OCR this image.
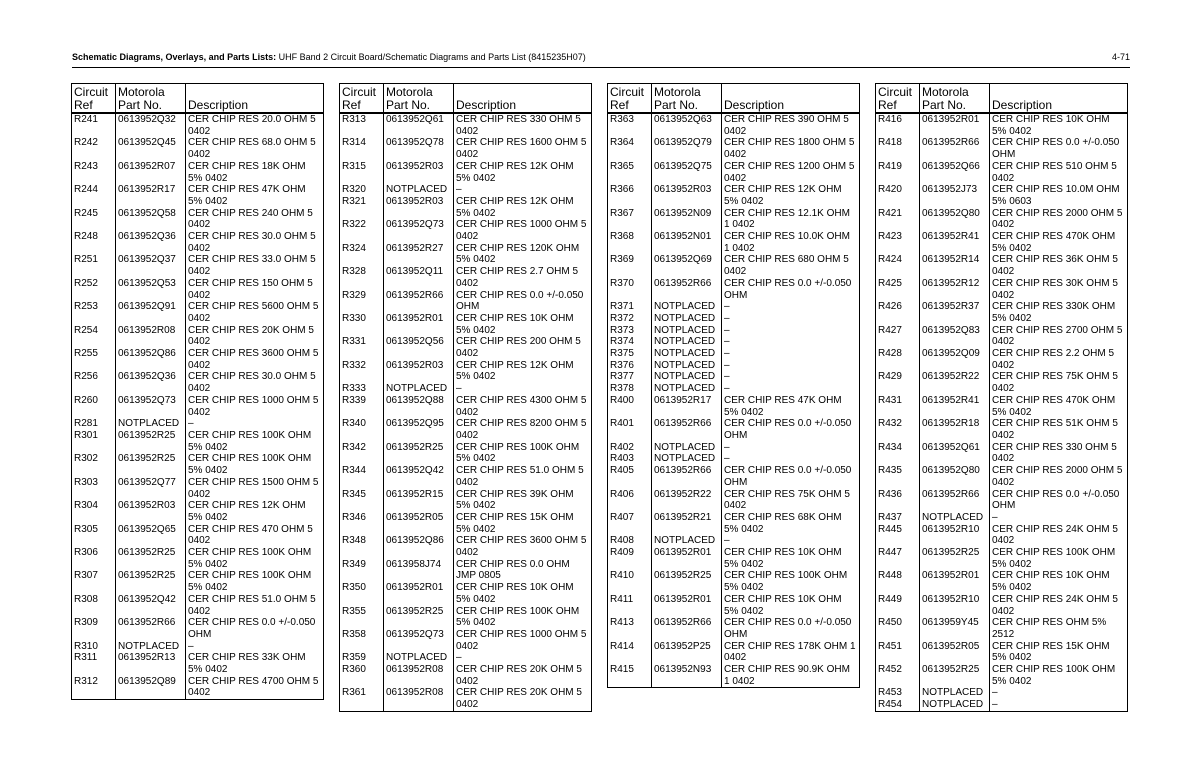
Schematic Diagrams, Overlays, and Parts Lists: UHF Band 2 Circuit Board/Schematic Diagrams and Parts List (8415235H07)	4-71
Circuit
Ref	Motorola
Part No.	Description
R241	0613952Q32	CER CHIP RES 20.0 OHM 5 0402
R242	0613952Q45	CER CHIP RES 68.0 OHM 5 0402
R243	0613952R07	CER CHIP RES 18K OHM 5% 0402
R244	0613952R17	CER CHIP RES 47K OHM 5% 0402
R245	0613952Q58	CER CHIP RES 240 OHM 5 0402
R248	0613952Q36	CER CHIP RES 30.0 OHM 5 0402
R251	0613952Q37	CER CHIP RES 33.0 OHM 5 0402
R252	0613952Q53	CER CHIP RES 150 OHM 5 0402
R253	0613952Q91	CER CHIP RES 5600 OHM 5 0402
R254	0613952R08	CER CHIP RES 20K OHM 5 0402
R255	0613952Q86	CER CHIP RES 3600 OHM 5 0402
R256	0613952Q36	CER CHIP RES 30.0 OHM 5 0402
R260	0613952Q73	CER CHIP RES 1000 OHM 5 0402
R281	NOTPLACED	–
R301	0613952R25	CER CHIP RES 100K OHM 5% 0402
R302	0613952R25	CER CHIP RES 100K OHM 5% 0402
R303	0613952Q77	CER CHIP RES 1500 OHM 5 0402
R304	0613952R03	CER CHIP RES 12K OHM 5% 0402
R305	0613952Q65	CER CHIP RES 470 OHM 5 0402
R306	0613952R25	CER CHIP RES 100K OHM 5% 0402
R307	0613952R25	CER CHIP RES 100K OHM 5% 0402
R308	0613952Q42	CER CHIP RES 51.0 OHM 5 0402
R309	0613952R66	CER CHIP RES 0.0 +/-0.050 OHM
R310	NOTPLACED	–
R311	0613952R13	CER CHIP RES 33K OHM 5% 0402
R312	0613952Q89	CER CHIP RES 4700 OHM 5 0402
Circuit
Ref	Motorola
Part No.	Description
R313	0613952Q61	CER CHIP RES 330 OHM 5 0402
R314	0613952Q78	CER CHIP RES 1600 OHM 5 0402
R315	0613952R03	CER CHIP RES 12K OHM 5% 0402
R320	NOTPLACED	–
R321	0613952R03	CER CHIP RES 12K OHM 5% 0402
R322	0613952Q73	CER CHIP RES 1000 OHM 5 0402
R324	0613952R27	CER CHIP RES 120K OHM 5% 0402
R328	0613952Q11	CER CHIP RES 2.7 OHM 5 0402
R329	0613952R66	CER CHIP RES 0.0 +/-0.050 OHM
R330	0613952R01	CER CHIP RES 10K OHM 5% 0402
R331	0613952Q56	CER CHIP RES 200 OHM 5 0402
R332	0613952R03	CER CHIP RES 12K OHM 5% 0402
R333	NOTPLACED	–
R339	0613952Q88	CER CHIP RES 4300 OHM 5 0402
R340	0613952Q95	CER CHIP RES 8200 OHM 5 0402
R342	0613952R25	CER CHIP RES 100K OHM 5% 0402
R344	0613952Q42	CER CHIP RES 51.0 OHM 5 0402
R345	0613952R15	CER CHIP RES 39K OHM 5% 0402
R346	0613952R05	CER CHIP RES 15K OHM 5% 0402
R348	0613952Q86	CER CHIP RES 3600 OHM 5 0402
R349	0613958J74	CER CHIP RES 0.0 OHM JMP 0805
R350	0613952R01	CER CHIP RES 10K OHM 5% 0402
R355	0613952R25	CER CHIP RES 100K OHM 5% 0402
R358	0613952Q73	CER CHIP RES 1000 OHM 5 0402
R359	NOTPLACED	–
R360	0613952R08	CER CHIP RES 20K OHM 5 0402
R361	0613952R08	CER CHIP RES 20K OHM 5 0402
Circuit
Ref	Motorola
Part No.	Description
R363	0613952Q63	CER CHIP RES 390 OHM 5 0402
R364	0613952Q79	CER CHIP RES 1800 OHM 5 0402
R365	0613952Q75	CER CHIP RES 1200 OHM 5 0402
R366	0613952R03	CER CHIP RES 12K OHM 5% 0402
R367	0613952N09	CER CHIP RES 12.1K OHM 1 0402
R368	0613952N01	CER CHIP RES 10.0K OHM 1 0402
R369	0613952Q69	CER CHIP RES 680 OHM 5 0402
R370	0613952R66	CER CHIP RES 0.0 +/-0.050 OHM
R371	NOTPLACED	–
R372	NOTPLACED	–
R373	NOTPLACED	–
R374	NOTPLACED	–
R375	NOTPLACED	–
R376	NOTPLACED	–
R377	NOTPLACED	–
R378	NOTPLACED	–
R400	0613952R17	CER CHIP RES 47K OHM 5% 0402
R401	0613952R66	CER CHIP RES 0.0 +/-0.050 OHM
R402	NOTPLACED	–
R403	NOTPLACED	–
R405	0613952R66	CER CHIP RES 0.0 +/-0.050 OHM
R406	0613952R22	CER CHIP RES 75K OHM 5 0402
R407	0613952R21	CER CHIP RES 68K OHM 5% 0402
R408	NOTPLACED	–
R409	0613952R01	CER CHIP RES 10K OHM 5% 0402
R410	0613952R25	CER CHIP RES 100K OHM 5% 0402
R411	0613952R01	CER CHIP RES 10K OHM 5% 0402
R413	0613952R66	CER CHIP RES 0.0 +/-0.050 OHM
R414	0613952P25	CER CHIP RES 178K OHM 1 0402
R415	0613952N93	CER CHIP RES 90.9K OHM 1 0402
Circuit
Ref	Motorola
Part No.	Description
R416	0613952R01	CER CHIP RES 10K OHM 5% 0402
R418	0613952R66	CER CHIP RES 0.0 +/-0.050 OHM
R419	0613952Q66	CER CHIP RES 510 OHM 5 0402
R420	0613952J73	CER CHIP RES 10.0M OHM 5% 0603
R421	0613952Q80	CER CHIP RES 2000 OHM 5 0402
R423	0613952R41	CER CHIP RES 470K OHM 5% 0402
R424	0613952R14	CER CHIP RES 36K OHM 5 0402
R425	0613952R12	CER CHIP RES 30K OHM 5 0402
R426	0613952R37	CER CHIP RES 330K OHM 5% 0402
R427	0613952Q83	CER CHIP RES 2700 OHM 5 0402
R428	0613952Q09	CER CHIP RES 2.2 OHM 5 0402
R429	0613952R22	CER CHIP RES 75K OHM 5 0402
R431	0613952R41	CER CHIP RES 470K OHM 5% 0402
R432	0613952R18	CER CHIP RES 51K OHM 5 0402
R434	0613952Q61	CER CHIP RES 330 OHM 5 0402
R435	0613952Q80	CER CHIP RES 2000 OHM 5 0402
R436	0613952R66	CER CHIP RES 0.0 +/-0.050 OHM
R437	NOTPLACED	–
R445	0613952R10	CER CHIP RES 24K OHM 5 0402
R447	0613952R25	CER CHIP RES 100K OHM 5% 0402
R448	0613952R01	CER CHIP RES 10K OHM 5% 0402
R449	0613952R10	CER CHIP RES 24K OHM 5 0402
R450	0613959Y45	CER CHIP RES OHM 5% 2512
R451	0613952R05	CER CHIP RES 15K OHM 5% 0402
R452	0613952R25	CER CHIP RES 100K OHM 5% 0402
R453	NOTPLACED	–
R454	NOTPLACED	–
